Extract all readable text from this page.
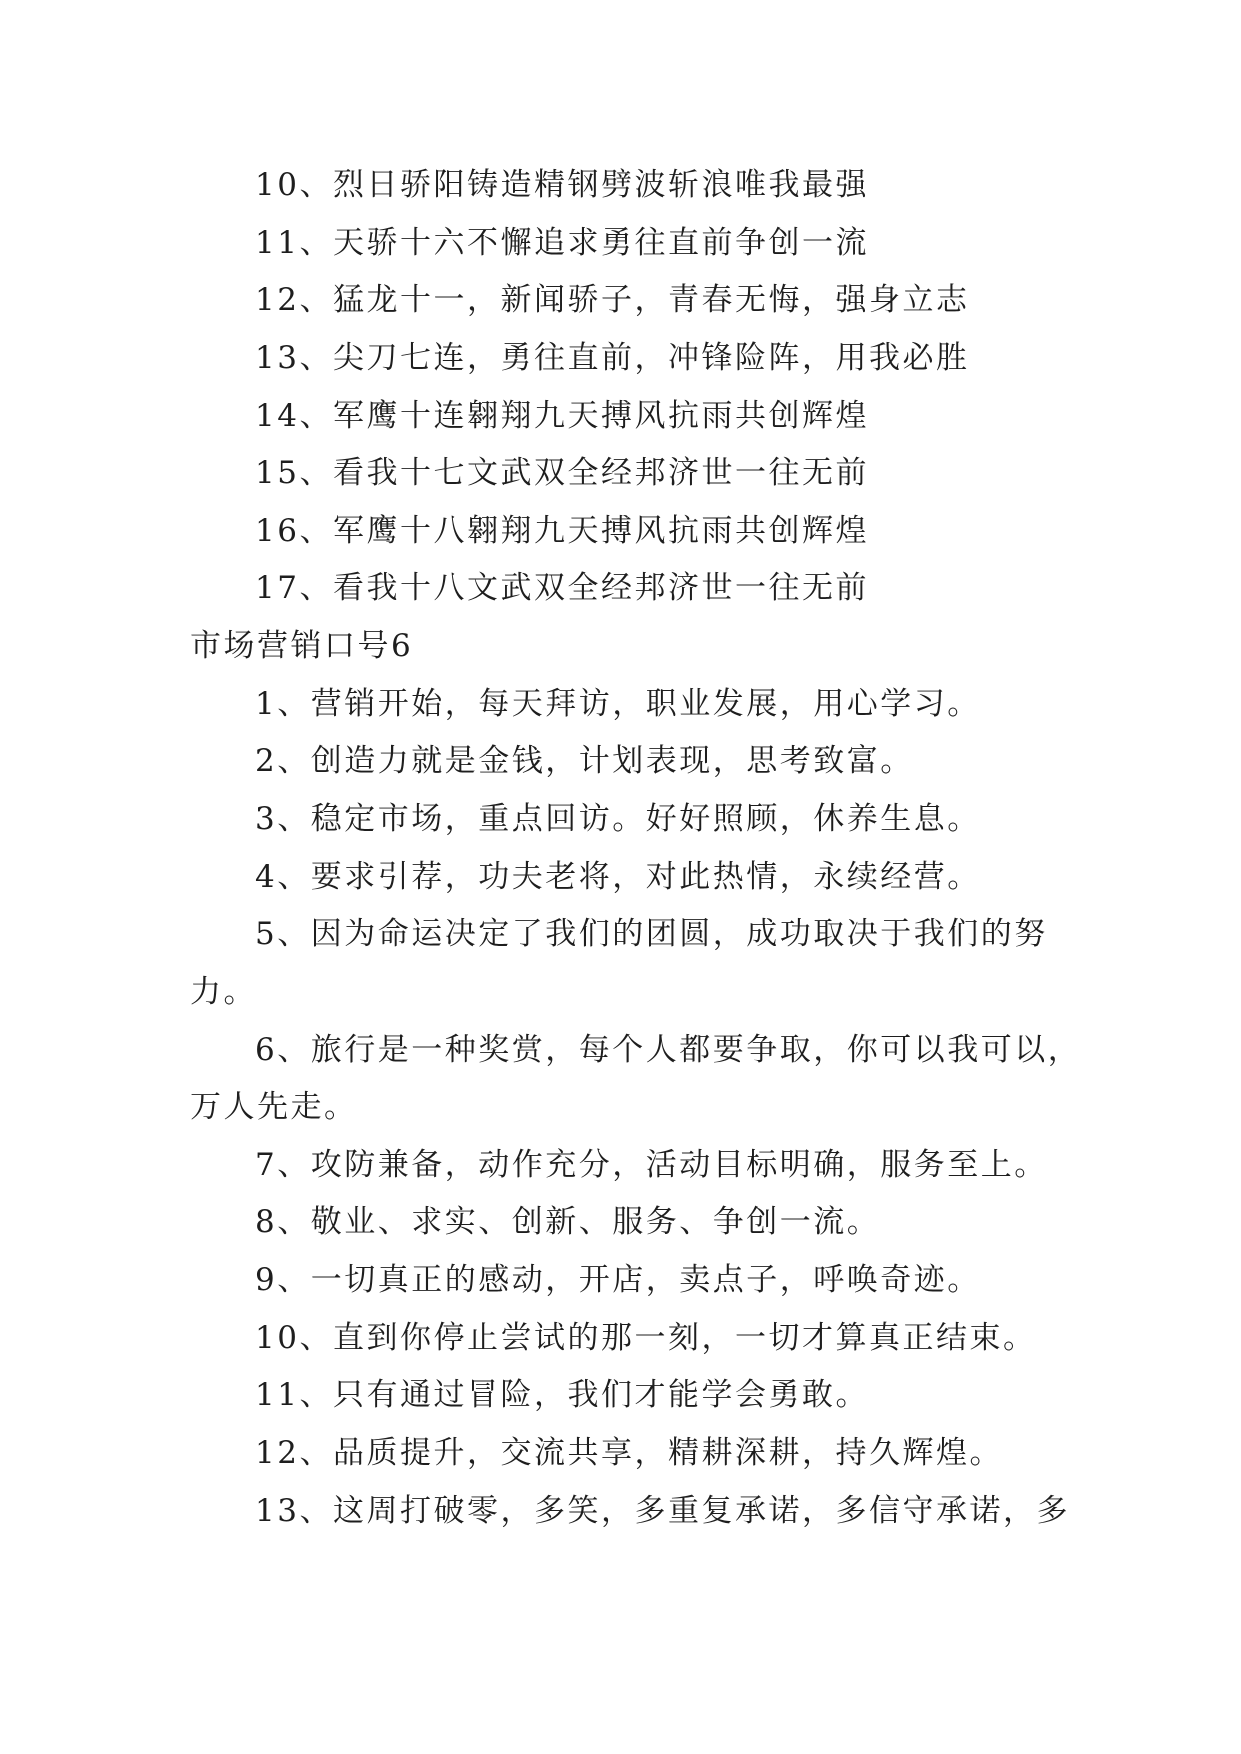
10、烈日骄阳铸造精钢劈波斩浪唯我最强
11、天骄十六不懈追求勇往直前争创一流
12、猛龙十一，新闻骄子，青春无悔，强身立志
13、尖刀七连，勇往直前，冲锋险阵，用我必胜
14、军鹰十连翱翔九天搏风抗雨共创辉煌
15、看我十七文武双全经邦济世一往无前
16、军鹰十八翱翔九天搏风抗雨共创辉煌
17、看我十八文武双全经邦济世一往无前
市场营销口号6
1、营销开始，每天拜访，职业发展，用心学习。
2、创造力就是金钱，计划表现，思考致富。
3、稳定市场，重点回访。好好照顾，休养生息。
4、要求引荐，功夫老将，对此热情，永续经营。
5、因为命运决定了我们的团圆，成功取决于我们的努
力。
6、旅行是一种奖赏，每个人都要争取，你可以我可以，
万人先走。
7、攻防兼备，动作充分，活动目标明确，服务至上。
8、敬业、求实、创新、服务、争创一流。
9、一切真正的感动，开店，卖点子，呼唤奇迹。
10、直到你停止尝试的那一刻，一切才算真正结束。
11、只有通过冒险，我们才能学会勇敢。
12、品质提升，交流共享，精耕深耕，持久辉煌。
13、这周打破零，多笑，多重复承诺，多信守承诺，多
